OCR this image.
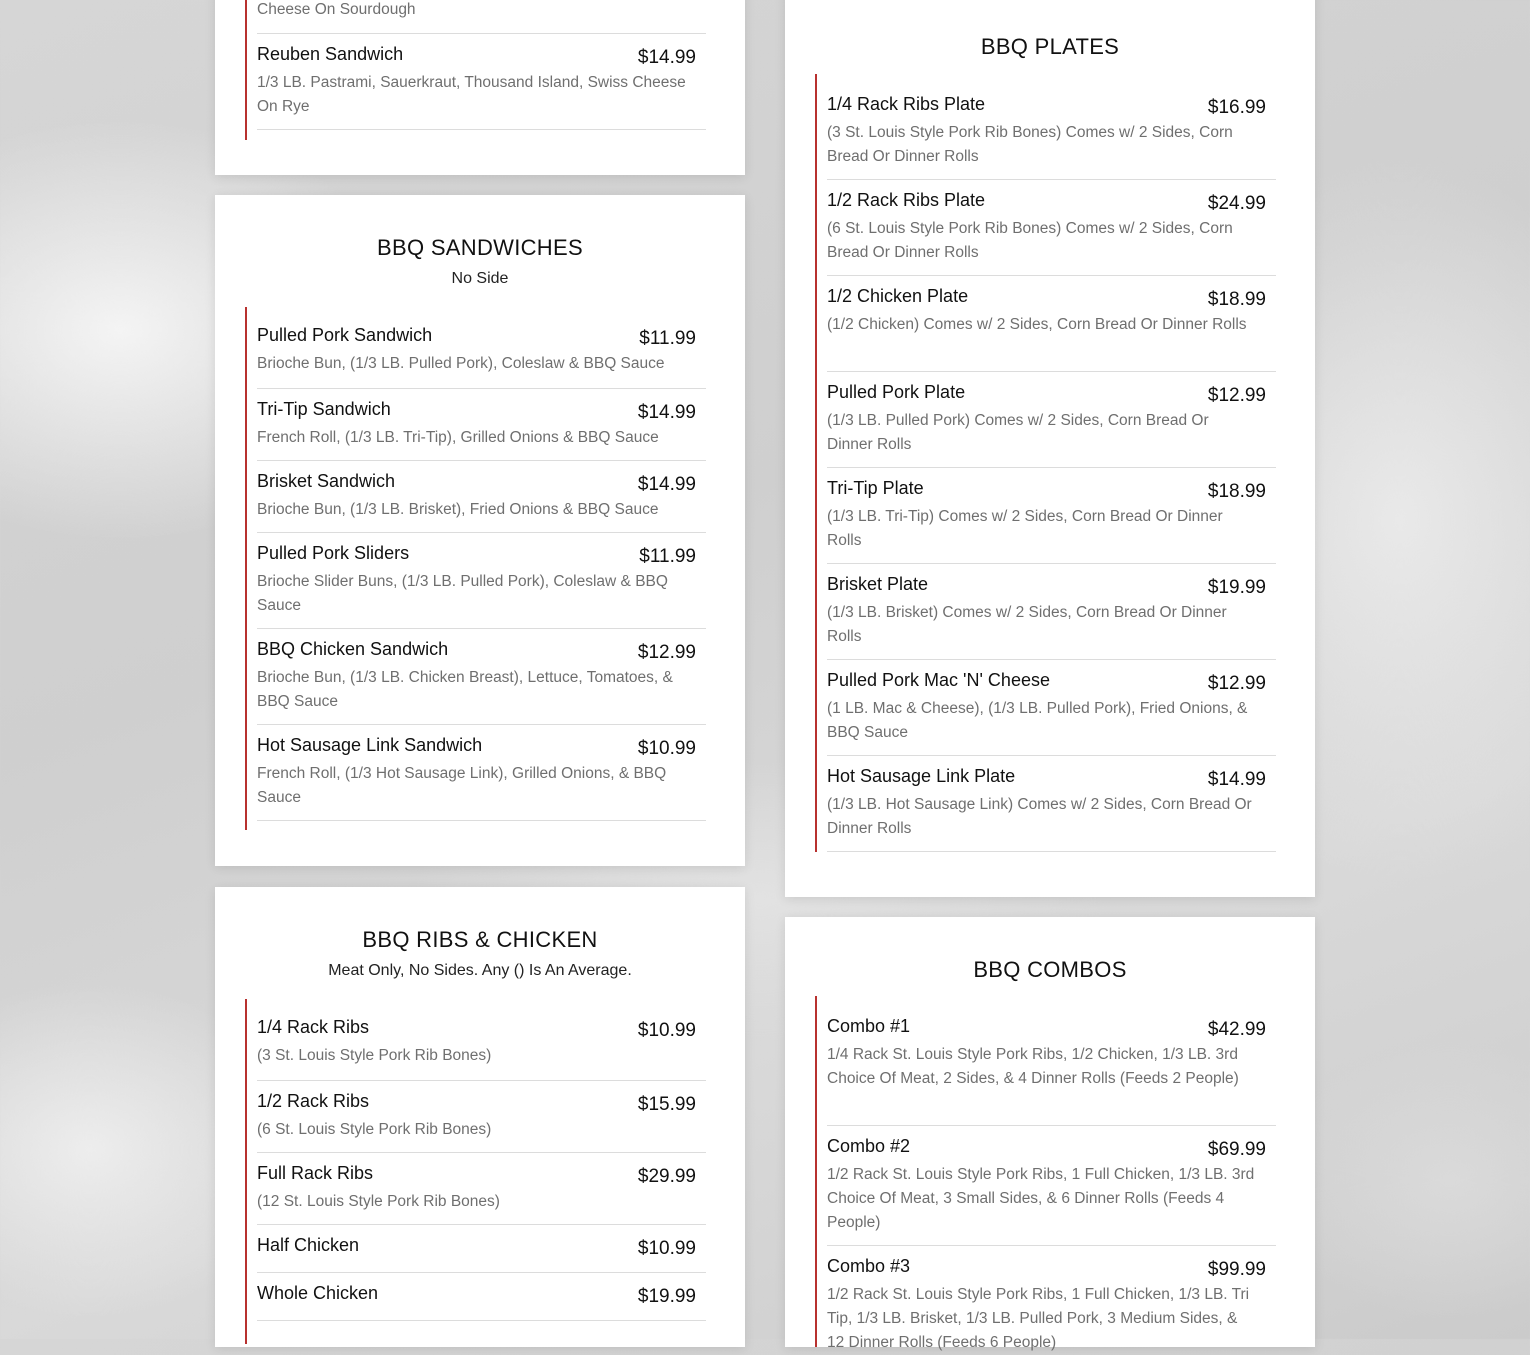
Cheese On Sourdough
Reuben Sandwich	$14.99
1/3 LB. Pastrami, Sauerkraut, Thousand Island, Swiss Cheese On Rye
BBQ SANDWICHES
No Side
Pulled Pork Sandwich	$11.99
Brioche Bun, (1/3 LB. Pulled Pork), Coleslaw & BBQ Sauce
Tri-Tip Sandwich	$14.99
French Roll, (1/3 LB. Tri-Tip), Grilled Onions & BBQ Sauce
Brisket Sandwich	$14.99
Brioche Bun, (1/3 LB. Brisket), Fried Onions & BBQ Sauce
Pulled Pork Sliders	$11.99
Brioche Slider Buns, (1/3 LB. Pulled Pork), Coleslaw & BBQ Sauce
BBQ Chicken Sandwich	$12.99
Brioche Bun, (1/3 LB. Chicken Breast), Lettuce, Tomatoes, & BBQ Sauce
Hot Sausage Link Sandwich	$10.99
French Roll, (1/3 Hot Sausage Link), Grilled Onions, & BBQ Sauce
BBQ RIBS & CHICKEN
Meat Only, No Sides. Any () Is An Average.
1/4 Rack Ribs	$10.99
(3 St. Louis Style Pork Rib Bones)
1/2 Rack Ribs	$15.99
(6 St. Louis Style Pork Rib Bones)
Full Rack Ribs	$29.99
(12 St. Louis Style Pork Rib Bones)
Half Chicken	$10.99
Whole Chicken	$19.99
BBQ PLATES
1/4 Rack Ribs Plate	$16.99
(3 St. Louis Style Pork Rib Bones) Comes w/ 2 Sides, Corn Bread Or Dinner Rolls
1/2 Rack Ribs Plate	$24.99
(6 St. Louis Style Pork Rib Bones) Comes w/ 2 Sides, Corn Bread Or Dinner Rolls
1/2 Chicken Plate	$18.99
(1/2 Chicken) Comes w/ 2 Sides, Corn Bread Or Dinner Rolls
Pulled Pork Plate	$12.99
(1/3 LB. Pulled Pork) Comes w/ 2 Sides, Corn Bread Or Dinner Rolls
Tri-Tip Plate	$18.99
(1/3 LB. Tri-Tip) Comes w/ 2 Sides, Corn Bread Or Dinner Rolls
Brisket Plate	$19.99
(1/3 LB. Brisket) Comes w/ 2 Sides, Corn Bread Or Dinner Rolls
Pulled Pork Mac 'N' Cheese	$12.99
(1 LB. Mac & Cheese), (1/3 LB. Pulled Pork), Fried Onions, & BBQ Sauce
Hot Sausage Link Plate	$14.99
(1/3 LB. Hot Sausage Link) Comes w/ 2 Sides, Corn Bread Or Dinner Rolls
BBQ COMBOS
Combo #1	$42.99
1/4 Rack St. Louis Style Pork Ribs, 1/2 Chicken, 1/3 LB. 3rd Choice Of Meat, 2 Sides, & 4 Dinner Rolls (Feeds 2 People)
Combo #2	$69.99
1/2 Rack St. Louis Style Pork Ribs, 1 Full Chicken, 1/3 LB. 3rd Choice Of Meat, 3 Small Sides, & 6 Dinner Rolls (Feeds 4 People)
Combo #3	$99.99
1/2 Rack St. Louis Style Pork Ribs, 1 Full Chicken, 1/3 LB. Tri Tip, 1/3 LB. Brisket, 1/3 LB. Pulled Pork, 3 Medium Sides, & 12 Dinner Rolls (Feeds 6 People)
